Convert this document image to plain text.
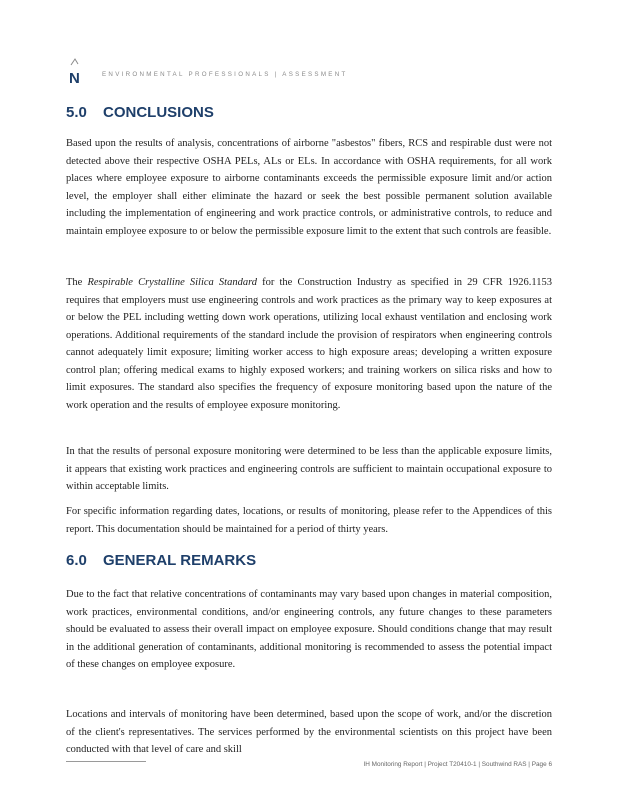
N	ENVIRONMENTAL PROFESSIONALS | ASSESSMENT
5.0 CONCLUSIONS

Based upon the results of analysis, concentrations of airborne "asbestos" fibers, RCS and respirable dust were not detected above their respective OSHA PELs, ALs or ELs. In accordance with OSHA requirements, for all work places where employee exposure to airborne contaminants exceeds the permissible exposure limit and/or action level, the employer shall either eliminate the hazard or seek the best possible permanent solution available including the implementation of engineering and work practice controls, or administrative controls, to reduce and maintain employee exposure to or below the permissible exposure limit to the extent that such controls are feasible.

The Respirable Crystalline Silica Standard for the Construction Industry as specified in 29 CFR 1926.1153 requires that employers must use engineering controls and work practices as the primary way to keep exposures at or below the PEL including wetting down work operations, utilizing local exhaust ventilation and enclosing work operations. Additional requirements of the standard include the provision of respirators when engineering controls cannot adequately limit exposure; limiting worker access to high exposure areas; developing a written exposure control plan; offering medical exams to highly exposed workers; and training workers on silica risks and how to limit exposures. The standard also specifies the frequency of exposure monitoring based upon the nature of the work operation and the results of employee exposure monitoring.

In that the results of personal exposure monitoring were determined to be less than the applicable exposure limits, it appears that existing work practices and engineering controls are sufficient to maintain occupational exposure to within acceptable limits.

For specific information regarding dates, locations, or results of monitoring, please refer to the Appendices of this report. This documentation should be maintained for a period of thirty years.

6.0 GENERAL REMARKS

Due to the fact that relative concentrations of contaminants may vary based upon changes in material composition, work practices, environmental conditions, and/or engineering controls, any future changes to these parameters should be evaluated to assess their overall impact on employee exposure. Should conditions change that may result in the additional generation of contaminants, additional monitoring is recommended to assess the potential impact of these changes on employee exposure.

Locations and intervals of monitoring have been determined, based upon the scope of work, and/or the discretion of the client's representatives. The services performed by the environmental scientists on this project have been conducted with that level of care and skill

IH Monitoring Report | Project T20410-1 | Southwind RAS | Page 6
